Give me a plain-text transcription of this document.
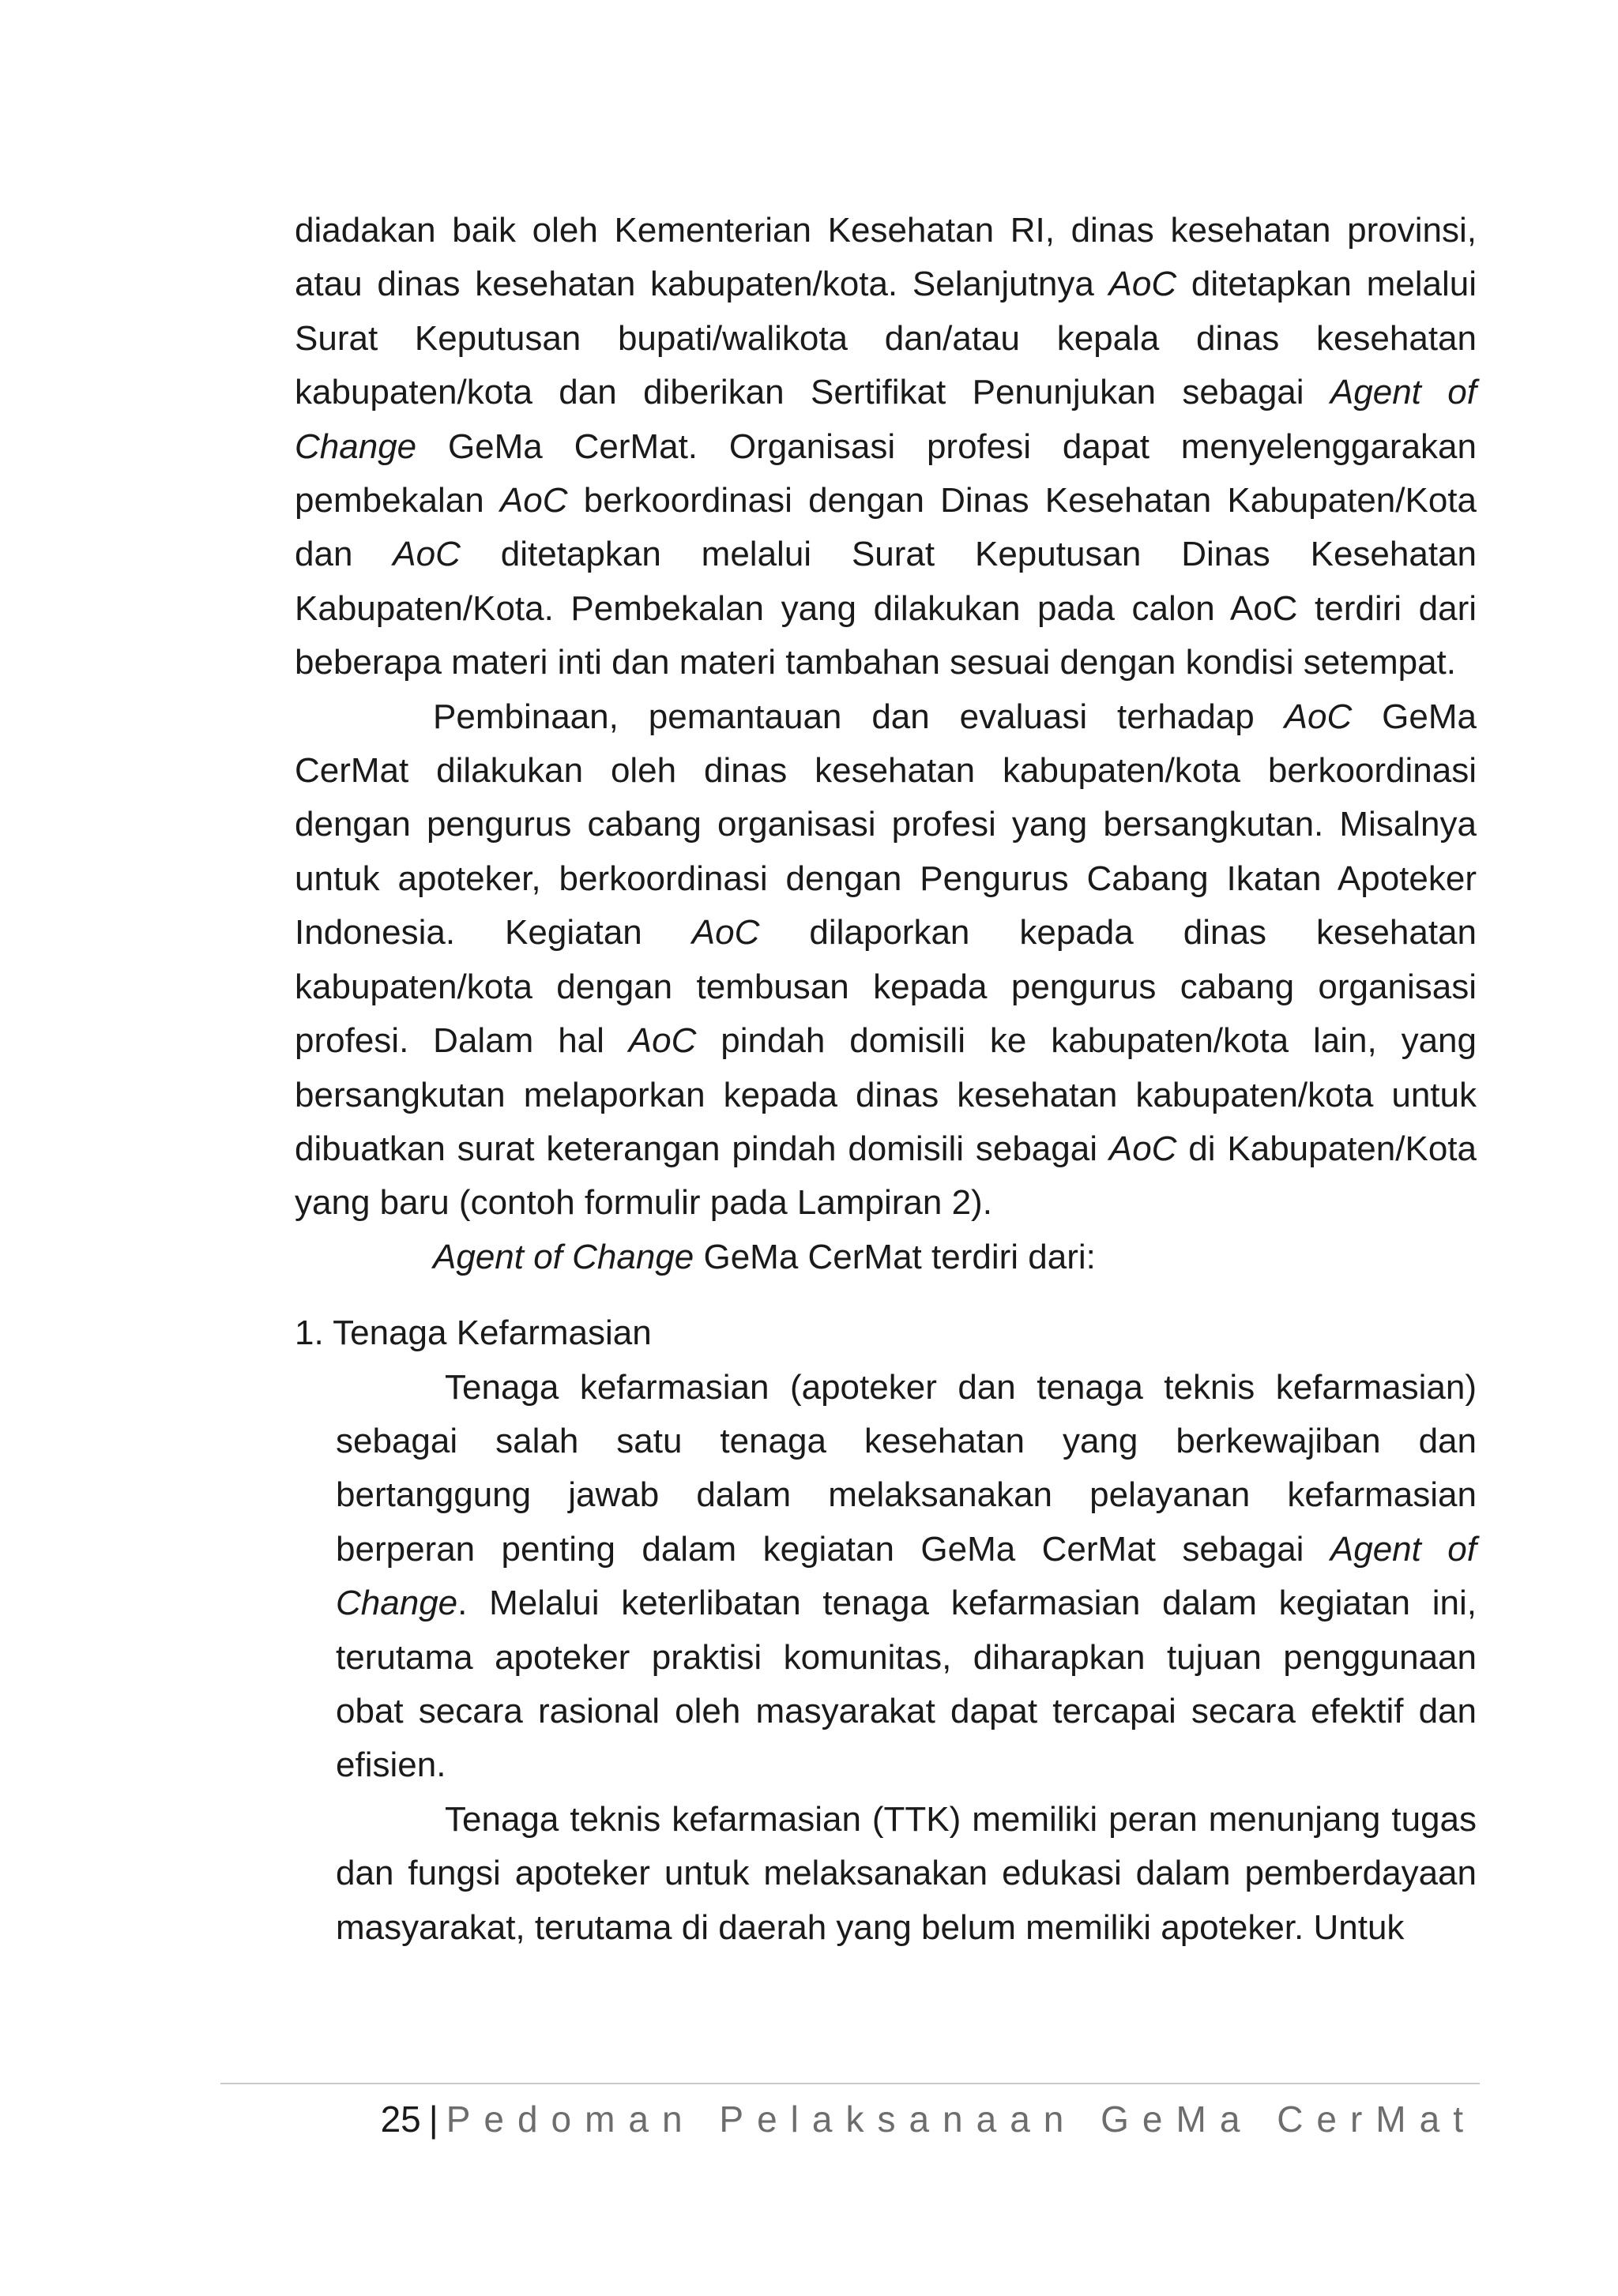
diadakan baik oleh Kementerian Kesehatan RI, dinas kesehatan provinsi, atau dinas kesehatan kabupaten/kota. Selanjutnya AoC ditetapkan melalui Surat Keputusan bupati/walikota dan/atau kepala dinas kesehatan kabupaten/kota dan diberikan Sertifikat Penunjukan sebagai Agent of Change GeMa CerMat. Organisasi profesi dapat menyelenggarakan pembekalan AoC berkoordinasi dengan Dinas Kesehatan Kabupaten/Kota dan AoC ditetapkan melalui Surat Keputusan Dinas Kesehatan Kabupaten/Kota. Pembekalan yang dilakukan pada calon AoC terdiri dari beberapa materi inti dan materi tambahan sesuai dengan kondisi setempat.

Pembinaan, pemantauan dan evaluasi terhadap AoC GeMa CerMat dilakukan oleh dinas kesehatan kabupaten/kota berkoordinasi dengan pengurus cabang organisasi profesi yang bersangkutan. Misalnya untuk apoteker, berkoordinasi dengan Pengurus Cabang Ikatan Apoteker Indonesia. Kegiatan AoC dilaporkan kepada dinas kesehatan kabupaten/kota dengan tembusan kepada pengurus cabang organisasi profesi. Dalam hal AoC pindah domisili ke kabupaten/kota lain, yang bersangkutan melaporkan kepada dinas kesehatan kabupaten/kota untuk dibuatkan surat keterangan pindah domisili sebagai AoC di Kabupaten/Kota yang baru (contoh formulir pada Lampiran 2).

Agent of Change GeMa CerMat terdiri dari:

1. Tenaga Kefarmasian

Tenaga kefarmasian (apoteker dan tenaga teknis kefarmasian) sebagai salah satu tenaga kesehatan yang berkewajiban dan bertanggung jawab dalam melaksanakan pelayanan kefarmasian berperan penting dalam kegiatan GeMa CerMat sebagai Agent of Change. Melalui keterlibatan tenaga kefarmasian dalam kegiatan ini, terutama apoteker praktisi komunitas, diharapkan tujuan penggunaan obat secara rasional oleh masyarakat dapat tercapai secara efektif dan efisien.

Tenaga teknis kefarmasian (TTK) memiliki peran menunjang tugas dan fungsi apoteker untuk melaksanakan edukasi dalam pemberdayaan masyarakat, terutama di daerah yang belum memiliki apoteker. Untuk

25 | Pedoman Pelaksanaan GeMa CerMat
